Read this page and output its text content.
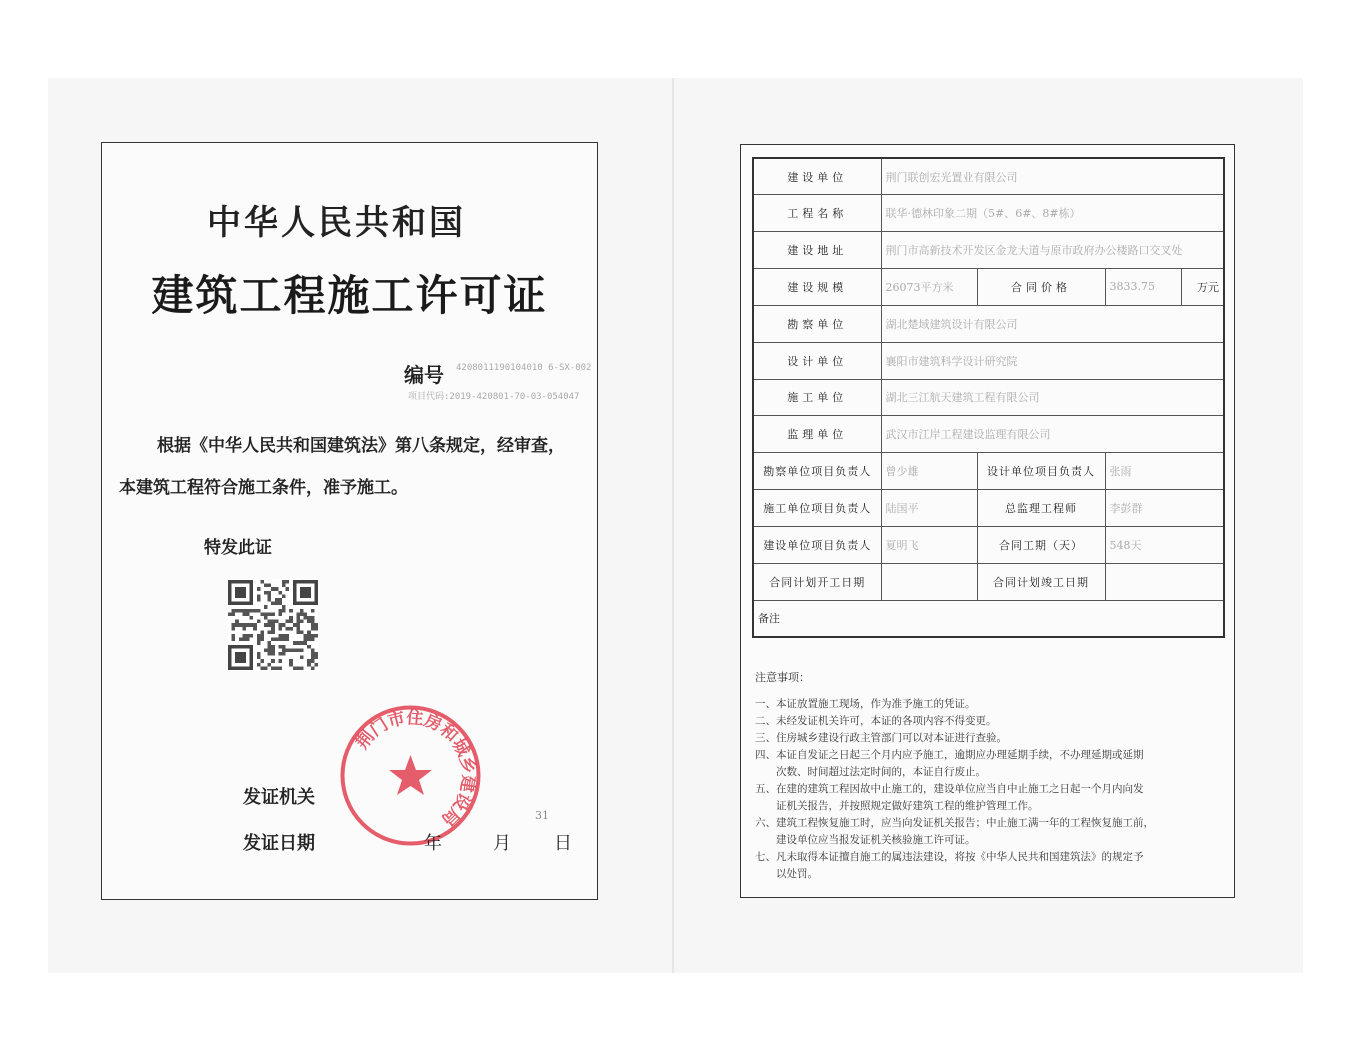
中华人民共和国
建筑工程施工许可证
编号 4208011190104010 6-SX-002
项目代码:2019-420801-70-03-054047
根据《中华人民共和国建筑法》第八条规定，经审查，
本建筑工程符合施工条件，准予施工。
特发此证
荆门市住房和城乡建设局
发证机关
发证日期
31
年	月 日
建设单位	荆门联创宏光置业有限公司			
工程名称	联华·德林印象二期（5#、6#、8#栋）			
建设地址	荆门市高新技术开发区金龙大道与原市政府办公楼路口交叉处			
建设规模	26073平方米	合同价格	3833.75	万元
勘察单位	湖北楚域建筑设计有限公司			
设计单位	襄阳市建筑科学设计研究院			
施工单位	湖北三江航天建筑工程有限公司			
监理单位	武汉市江岸工程建设监理有限公司			
勘察单位项目负责人	曾少雄	设计单位项目负责人	张雨	
施工单位项目负责人	陆国平	总监理工程师	李彭群	
建设单位项目负责人	夏明飞	合同工期（天）	548天	
合同计划开工日期		合同计划竣工日期		
备注				
注意事项：
一、本证放置施工现场，作为准予施工的凭证。
二、未经发证机关许可，本证的各项内容不得变更。
三、住房城乡建设行政主管部门可以对本证进行查验。
四、本证自发证之日起三个月内应予施工，逾期应办理延期手续，不办理延期或延期
　　次数、时间超过法定时间的，本证自行废止。
五、在建的建筑工程因故中止施工的，建设单位应当自中止施工之日起一个月内向发
　　证机关报告，并按照规定做好建筑工程的维护管理工作。
六、建筑工程恢复施工时，应当向发证机关报告；中止施工满一年的工程恢复施工前，
　　建设单位应当报发证机关核验施工许可证。
七、凡未取得本证擅自施工的属违法建设，将按《中华人民共和国建筑法》的规定予
　　以处罚。
